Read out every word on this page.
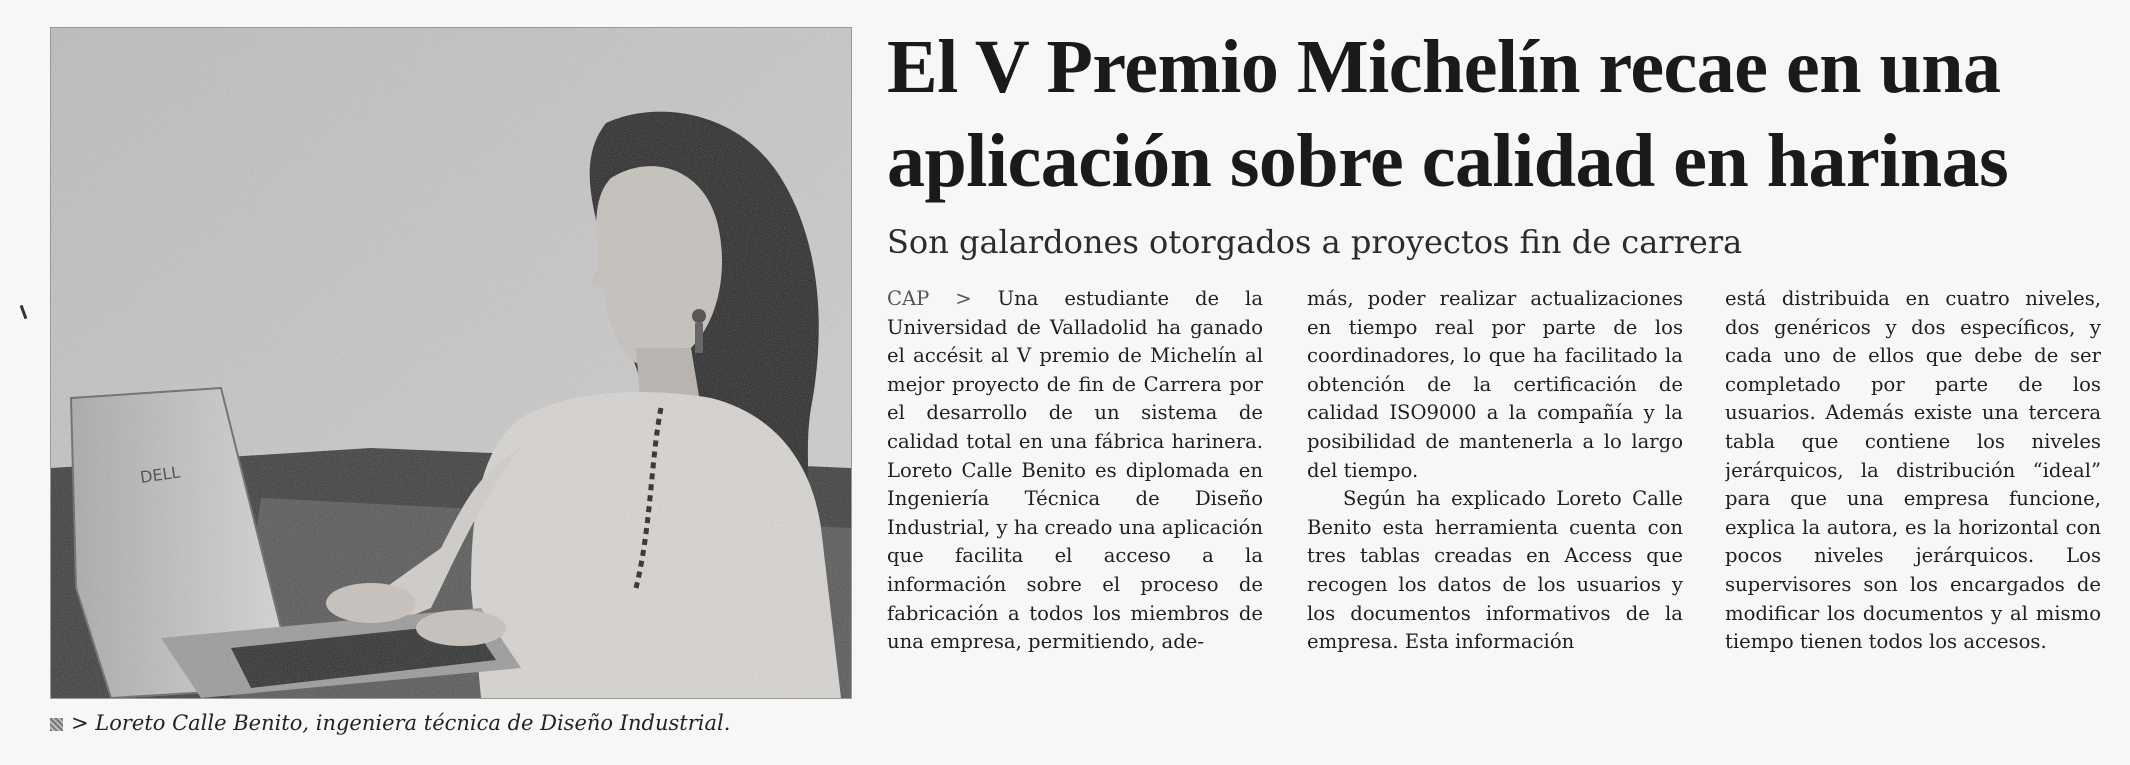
DELL
> Loreto Calle Benito, ingeniera técnica de Diseño Industrial.
El V Premio Michelín recae en una aplicación sobre calidad en harinas
Son galardones otorgados a proyectos fin de carrera

CAP > Una estudiante de la Universidad de Valladolid ha ganado el accésit al V premio de Michelín al mejor proyecto de fin de Carrera por el desarrollo de un sistema de calidad total en una fábrica harinera. Loreto Calle Benito es diplomada en Ingeniería Técnica de Diseño Industrial, y ha creado una aplicación que facilita el acceso a la información sobre el proceso de fabricación a todos los miembros de una empresa, permitiendo, ade-

más, poder realizar actualizaciones en tiempo real por parte de los coordinadores, lo que ha facilitado la obtención de la certificación de calidad ISO9000 a la compañía y la posibilidad de mantenerla a lo largo del tiempo.

Según ha explicado Loreto Calle Benito esta herramienta cuenta con tres tablas creadas en Access que recogen los datos de los usuarios y los documentos informativos de la empresa. Esta información

está distribuida en cuatro niveles, dos genéricos y dos específicos, y cada uno de ellos que debe de ser completado por parte de los usuarios. Además existe una tercera tabla que contiene los niveles jerárquicos, la distribución “ideal” para que una empresa funcione, explica la autora, es la horizontal con pocos niveles jerárquicos. Los supervisores son los encargados de modificar los documentos y al mismo tiempo tienen todos los accesos.
